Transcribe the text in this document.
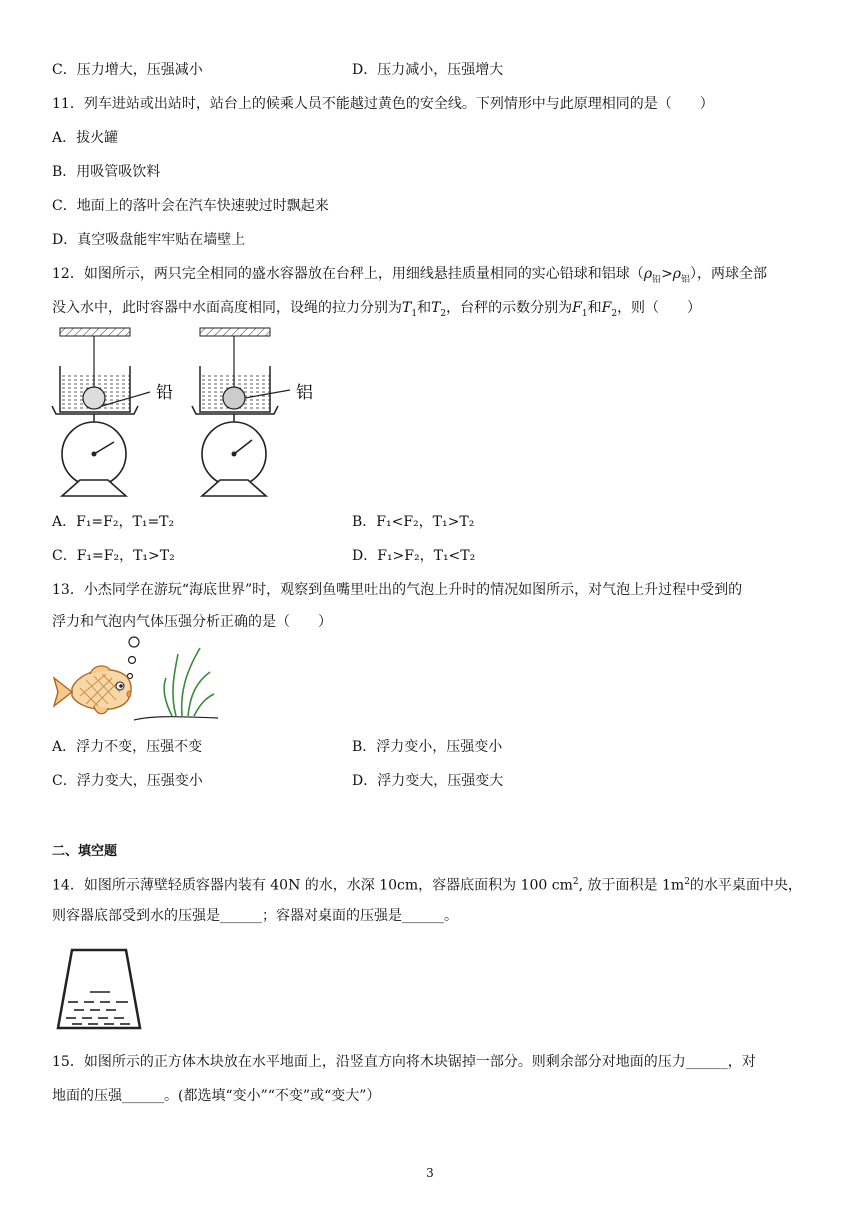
C．压力增大，压强减小	D．压力减小，压强增大
11．列车进站或出站时，站台上的候乘人员不能越过黄色的安全线。下列情形中与此原理相同的是（　　）
A．拔火罐
B．用吸管吸饮料
C．地面上的落叶会在汽车快速驶过时飘起来
D．真空吸盘能牢牢贴在墙壁上
12．如图所示，两只完全相同的盛水容器放在台秤上，用细线悬挂质量相同的实心铅球和铝球$(\rho_铅>\rho_铝)$，两球全部
没入水中，此时容器中水面高度相同，设绳的拉力分别为$T_1$和$T_2$，台秤的示数分别为$F_1$和$F_2$，则（　　）
铅	铝
A．F₁=F₂，T₁=T₂	B．F₁<F₂，T₁>T₂
C．F₁=F₂，T₁>T₂	D．F₁>F₂，T₁<T₂
13．小杰同学在游玩“海底世界”时，观察到鱼嘴里吐出的气泡上升时的情况如图所示，对气泡上升过程中受到的
浮力和气泡内气体压强分析正确的是（　　）
A．浮力不变，压强不变	B．浮力变小，压强变小
C．浮力变大，压强变小	D．浮力变大，压强变大
二、填空题
14．如图所示薄壁轻质容器内装有 40N 的水，水深 10cm，容器底面积为 100 $cm^2$, 放于面积是 $1m^2$的水平桌面中央，
则容器底部受到水的压强是______；容器对桌面的压强是______。
15．如图所示的正方体木块放在水平地面上，沿竖直方向将木块锯掉一部分。则剩余部分对地面的压力______，对
地面的压强______。(都选填“变小”“不变”或“变大”）
3
